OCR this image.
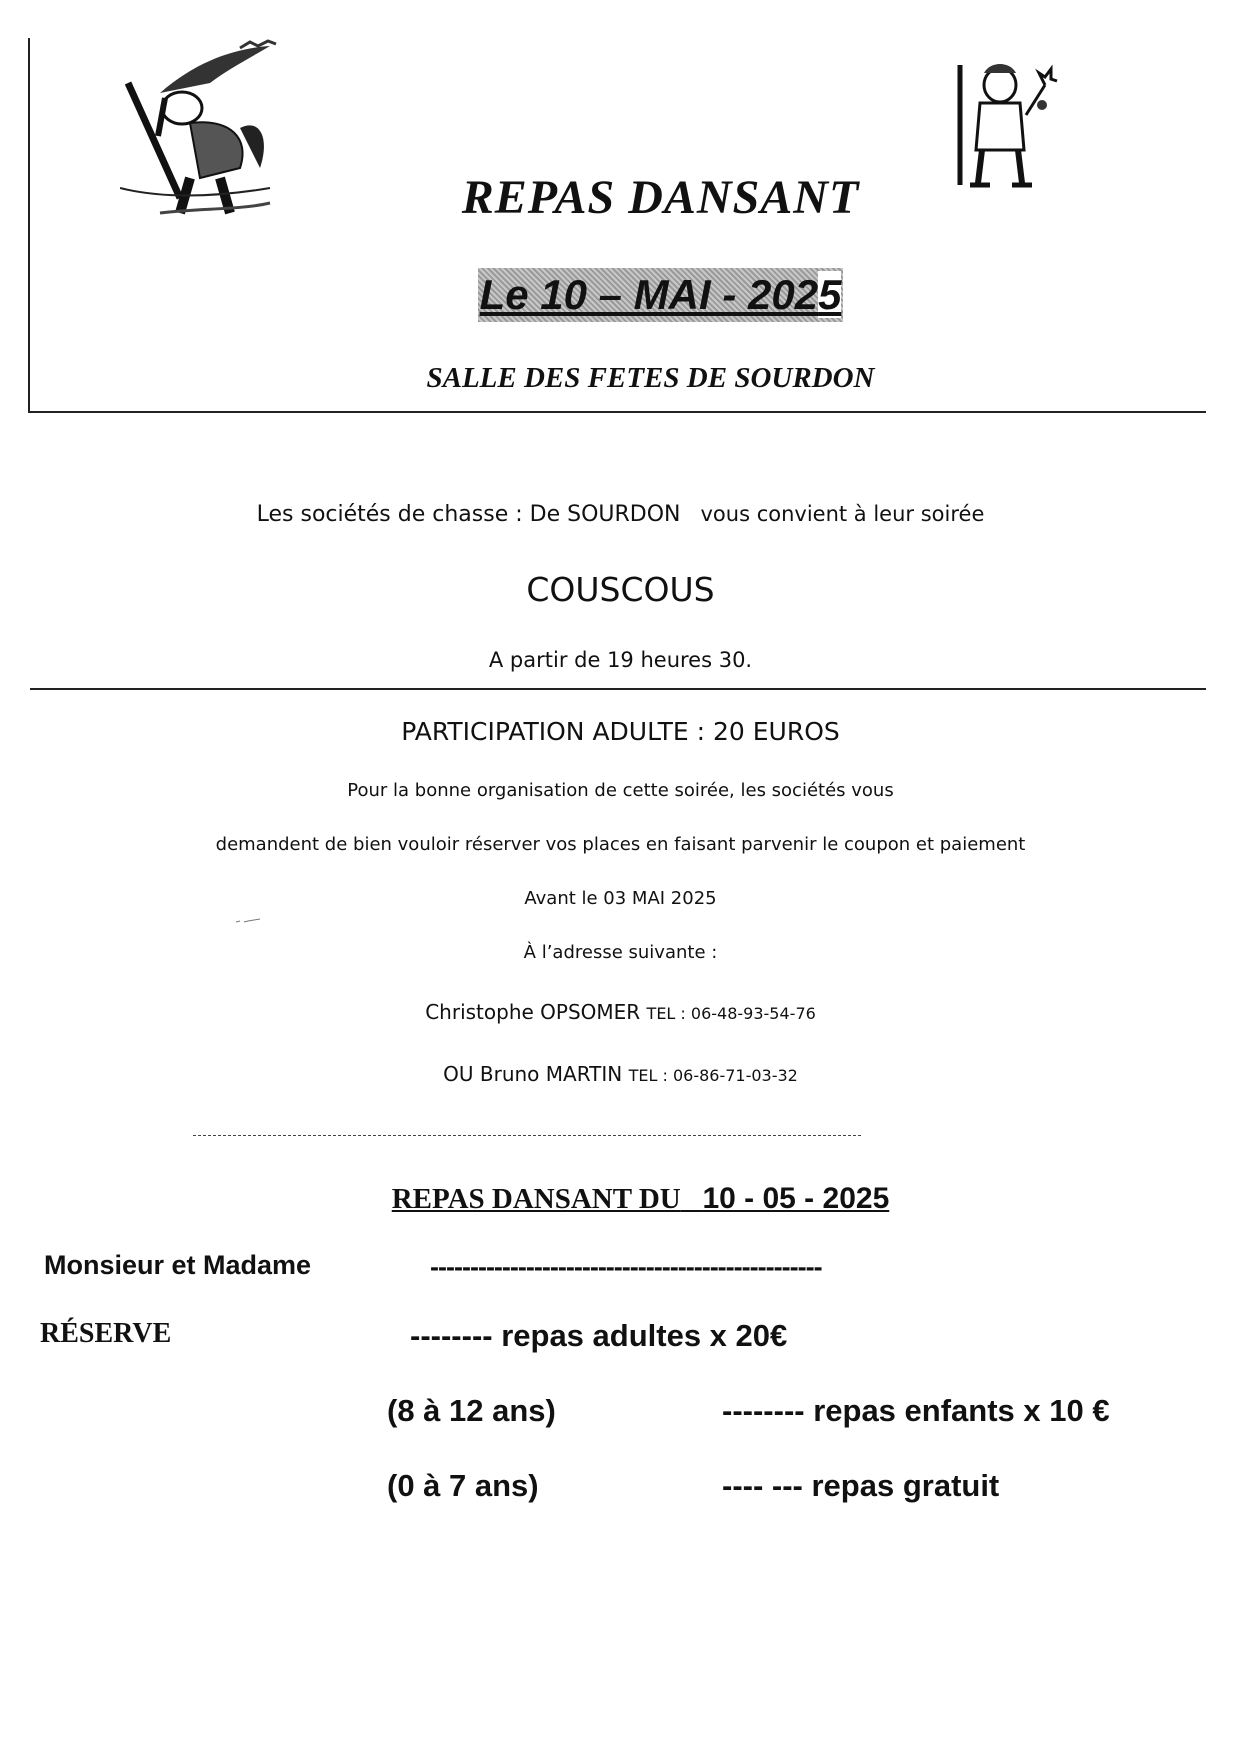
REPAS DANSANT
Le 10 – MAI - 2025
SALLE DES FETES DE SOURDON
Les sociétés de chasse : De SOURDON vous convient à leur soirée
COUSCOUS
A partir de 19 heures 30.
PARTICIPATION ADULTE : 20 EUROS
Pour la bonne organisation de cette soirée, les sociétés vous
demandent de bien vouloir réserver vos places en faisant parvenir le coupon et paiement
Avant le 03 MAI 2025
À l’adresse suivante :
Christophe OPSOMER TEL : 06-48-93-54-76
OU Bruno MARTIN TEL : 06-86-71-03-32
REPAS DANSANT DU 10 - 05 - 2025
Monsieur et Madame	-------------------------------------------------
RÉSERVE	-------- repas adultes x 20€
(8 à 12 ans)	-------- repas enfants x 10 €
(0 à 7 ans)	---- --- repas gratuit
